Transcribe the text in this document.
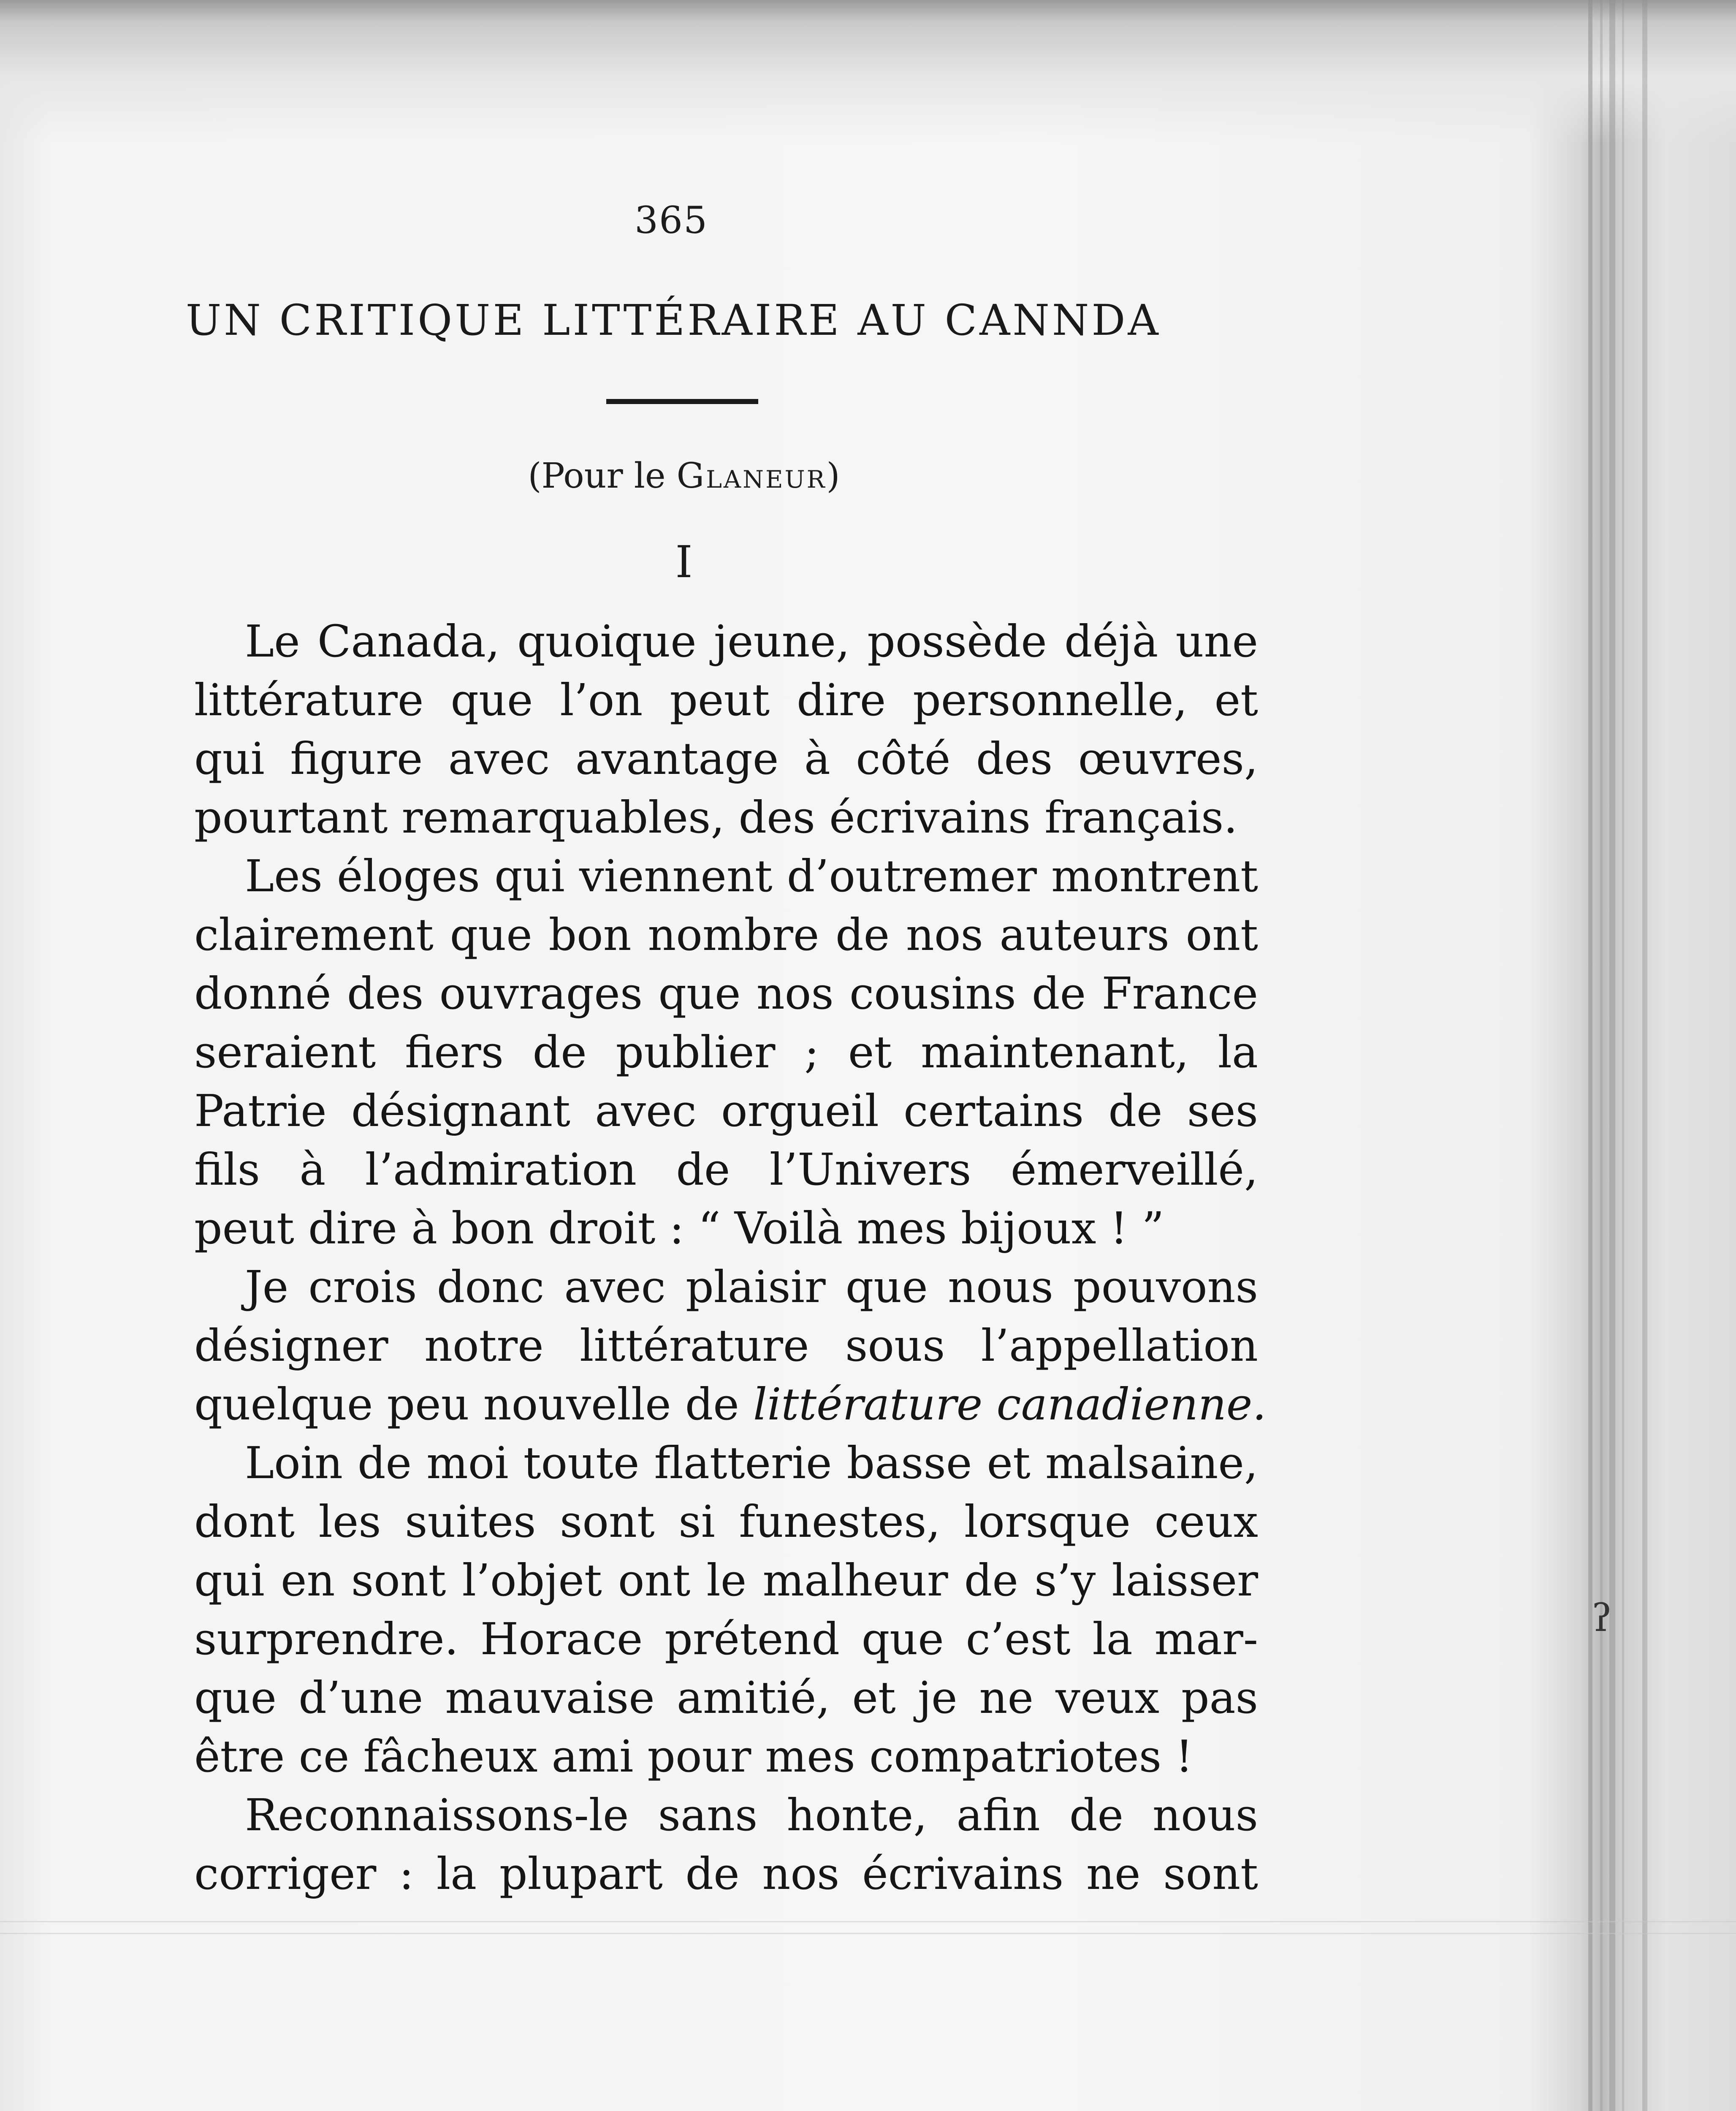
365
UN CRITIQUE LITTÉRAIRE AU CANNDA
(Pour le Glaneur)
I
Le Canada, quoique jeune, possède déjà une
littérature que l’on peut dire personnelle, et
qui figure avec avantage à côté des œuvres,
pourtant remarquables, des écrivains français.
Les éloges qui viennent d’outremer montrent
clairement que bon nombre de nos auteurs ont
donné des ouvrages que nos cousins de France
seraient fiers de publier ; et maintenant, la
Patrie désignant avec orgueil certains de ses
fils à l’admiration de l’Univers émerveillé,
peut dire à bon droit : “ Voilà mes bijoux ! ”
Je crois donc avec plaisir que nous pouvons
désigner notre littérature sous l’appellation
quelque peu nouvelle de littérature canadienne.
Loin de moi toute flatterie basse et malsaine,
dont les suites sont si funestes, lorsque ceux
qui en sont l’objet ont le malheur de s’y laisser
surprendre. Horace prétend que c’est la mar-
que d’une mauvaise amitié, et je ne veux pas
être ce fâcheux ami pour mes compatriotes !
Reconnaissons-le sans honte, afin de nous
corriger : la plupart de nos écrivains ne sont
ʔ
